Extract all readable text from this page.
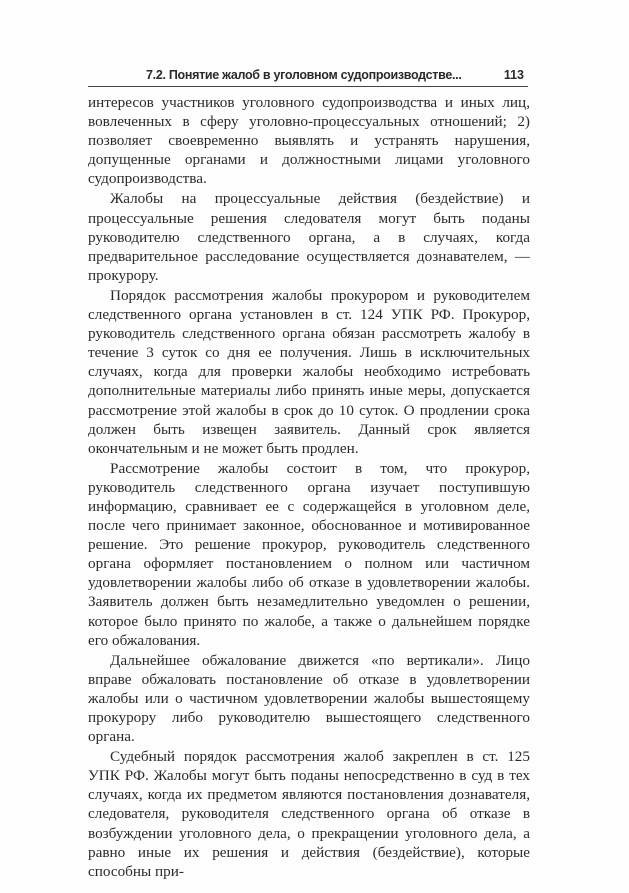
7.2. Понятие жалоб в уголовном судопроизводстве...	113

интересов участников уголовного судопроизводства и иных лиц, вовлеченных в сферу уголовно-процессуальных отношений; 2) позволяет своевременно выявлять и устранять нарушения, допущенные органами и должностными лицами уголовного судопроизводства.

Жалобы на процессуальные действия (бездействие) и процессуальные решения следователя могут быть поданы руководителю следственного органа, а в случаях, когда предварительное расследование осуществляется дознавателем, — прокурору.

Порядок рассмотрения жалобы прокурором и руководителем следственного органа установлен в ст. 124 УПК РФ. Прокурор, руководитель следственного органа обязан рассмотреть жалобу в течение 3 суток со дня ее получения. Лишь в исключительных случаях, когда для проверки жалобы необходимо истребовать дополнительные материалы либо принять иные меры, допускается рассмотрение этой жалобы в срок до 10 суток. О продлении срока должен быть извещен заявитель. Данный срок является окончательным и не может быть продлен.

Рассмотрение жалобы состоит в том, что прокурор, руководитель следственного органа изучает поступившую информацию, сравнивает ее с содержащейся в уголовном деле, после чего принимает законное, обоснованное и мотивированное решение. Это решение прокурор, руководитель следственного органа оформляет постановлением о полном или частичном удовлетворении жалобы либо об отказе в удовлетворении жалобы. Заявитель должен быть незамедлительно уведомлен о решении, которое было принято по жалобе, а также о дальнейшем порядке его обжалования.

Дальнейшее обжалование движется «по вертикали». Лицо вправе обжаловать постановление об отказе в удовлетворении жалобы или о частичном удовлетворении жалобы вышестоящему прокурору либо руководителю вышестоящего следственного органа.

Судебный порядок рассмотрения жалоб закреплен в ст. 125 УПК РФ. Жалобы могут быть поданы непосредственно в суд в тех случаях, когда их предметом являются постановления дознавателя, следователя, руководителя следственного органа об отказе в возбуждении уголовного дела, о прекращении уголовного дела, а равно иные их решения и действия (бездействие), которые способны при-
